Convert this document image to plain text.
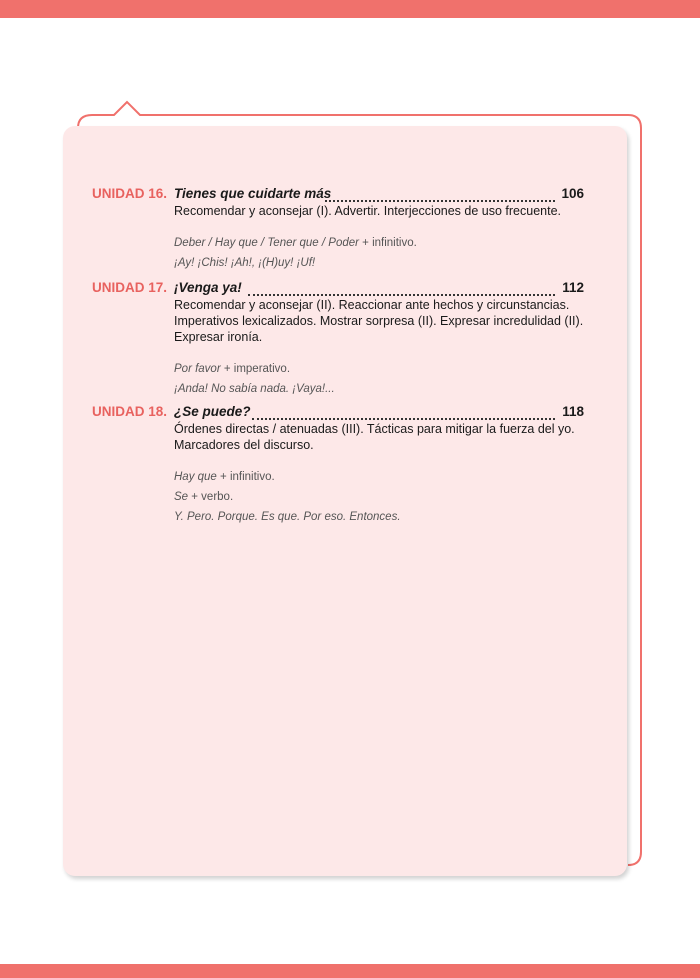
UNIDAD 16. Tienes que cuidarte más	106
Recomendar y aconsejar (I). Advertir. Interjecciones de uso frecuente.
Deber / Hay que / Tener que / Poder + infinitivo.
¡Ay! ¡Chis! ¡Ah!, ¡(H)uy! ¡Uf!
UNIDAD 17. ¡Venga ya!	112
Recomendar y aconsejar (II). Reaccionar ante hechos y circunstancias. Imperativos lexicalizados. Mostrar sorpresa (II). Expresar incredulidad (II). Expresar ironía.
Por favor + imperativo.
¡Anda! No sabía nada. ¡Vaya!...
UNIDAD 18. ¿Se puede?	118
Órdenes directas / atenuadas (III). Tácticas para mitigar la fuerza del yo. Marcadores del discurso.
Hay que + infinitivo.
Se + verbo.
Y. Pero. Porque. Es que. Por eso. Entonces.
